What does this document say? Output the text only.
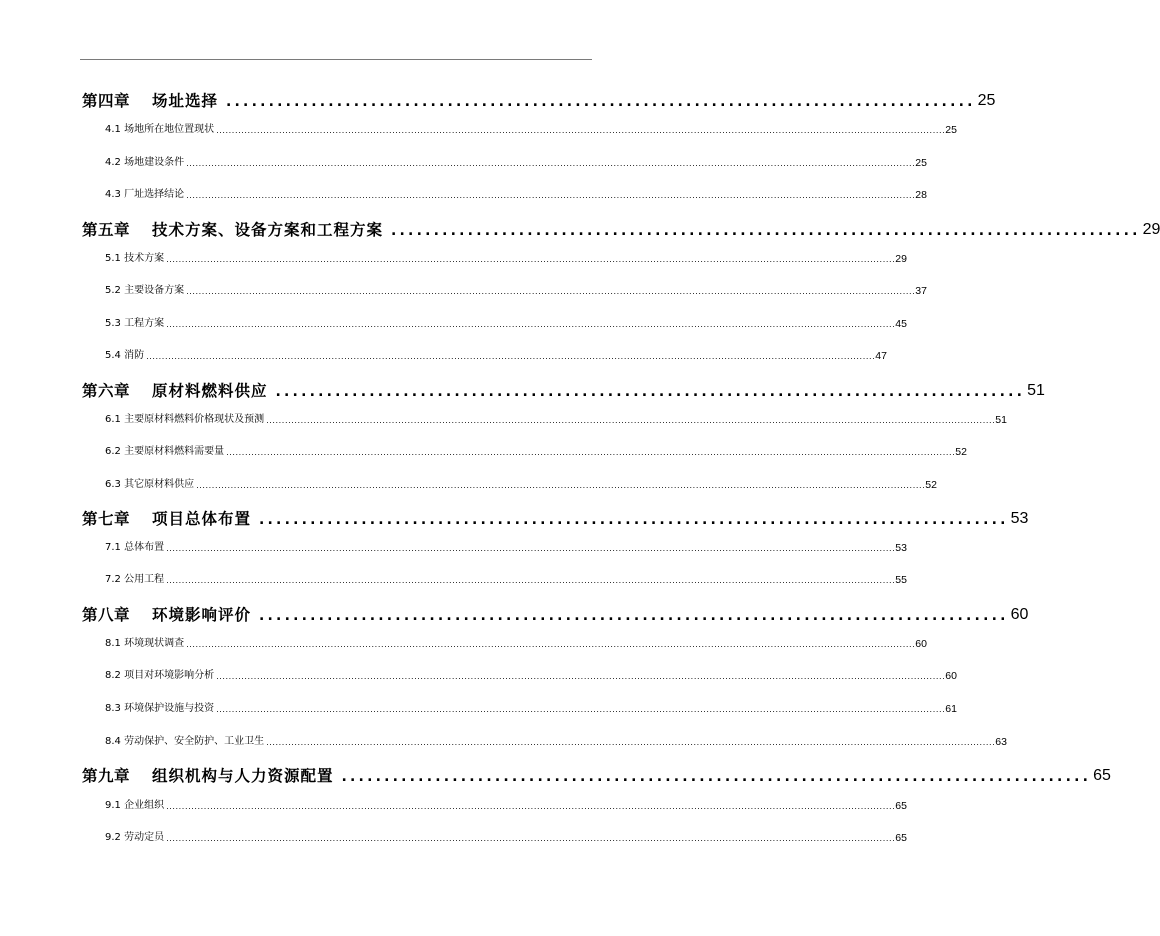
第四章	场址选择 ........................................................................................ 25
4.1 场地所在地位置现状 ........................................................................................................................................................................................................................................ 25
4.2 场地建设条件 ........................................................................................................................................................................................................................................ 25
4.3 厂址选择结论 ........................................................................................................................................................................................................................................ 28
第五章	技术方案、设备方案和工程方案 ........................................................................................ 29
5.1 技术方案 ........................................................................................................................................................................................................................................ 29
5.2 主要设备方案 ........................................................................................................................................................................................................................................ 37
5.3 工程方案 ........................................................................................................................................................................................................................................ 45
5.4 消防 ........................................................................................................................................................................................................................................ 47
第六章	原材料燃料供应 ........................................................................................ 51
6.1 主要原材料燃料价格现状及预测 ........................................................................................................................................................................................................................................ 51
6.2 主要原材料燃料需要量 ........................................................................................................................................................................................................................................ 52
6.3 其它原材料供应 ........................................................................................................................................................................................................................................ 52
第七章	项目总体布置 ........................................................................................ 53
7.1 总体布置 ........................................................................................................................................................................................................................................ 53
7.2 公用工程 ........................................................................................................................................................................................................................................ 55
第八章	环境影响评价 ........................................................................................ 60
8.1 环境现状调查 ........................................................................................................................................................................................................................................ 60
8.2 项目对环境影响分析 ........................................................................................................................................................................................................................................ 60
8.3 环境保护设施与投资 ........................................................................................................................................................................................................................................ 61
8.4 劳动保护、安全防护、工业卫生 ........................................................................................................................................................................................................................................ 63
第九章	组织机构与人力资源配置 ........................................................................................ 65
9.1 企业组织 ........................................................................................................................................................................................................................................ 65
9.2 劳动定员 ........................................................................................................................................................................................................................................ 65
